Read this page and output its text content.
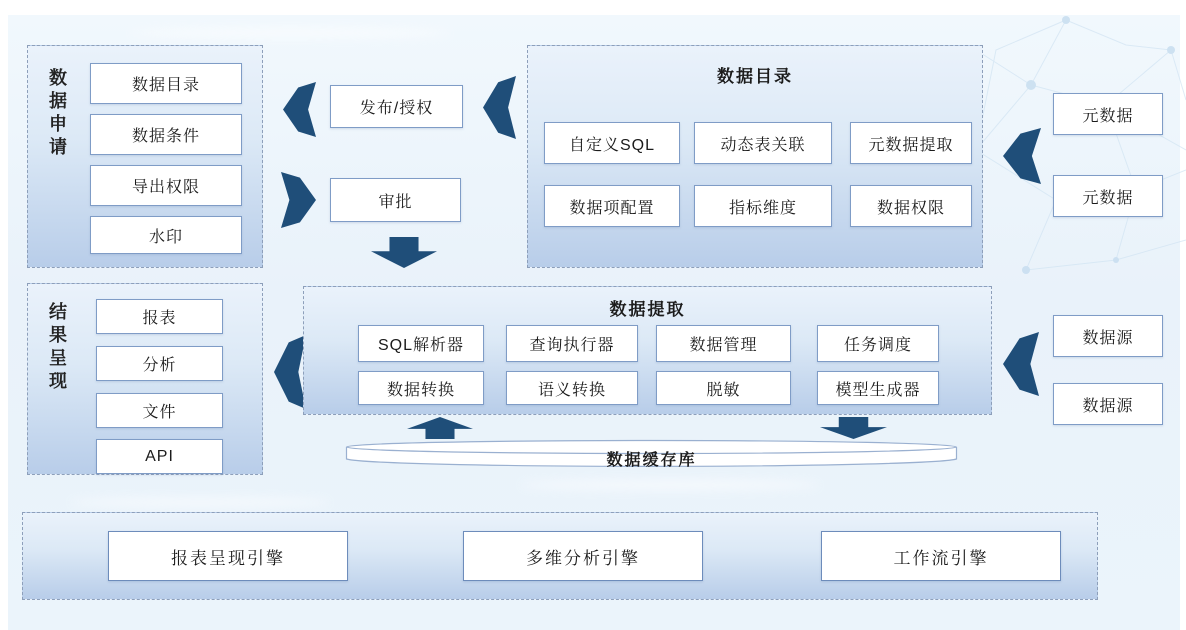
数据申请	数据目录
数据条件
导出权限
水印
发布/授权
审批
数据目录
自定义SQL	动态表关联	元数据提取
数据项配置	指标维度	数据权限
元数据
元数据
结果呈现	报表
分析
文件
API
数据提取
SQL解析器	查询执行器	数据管理	任务调度
数据转换	语义转换	脱敏	模型生成器
数据源
数据源
数据缓存库
报表呈现引擎	多维分析引擎	工作流引擎
